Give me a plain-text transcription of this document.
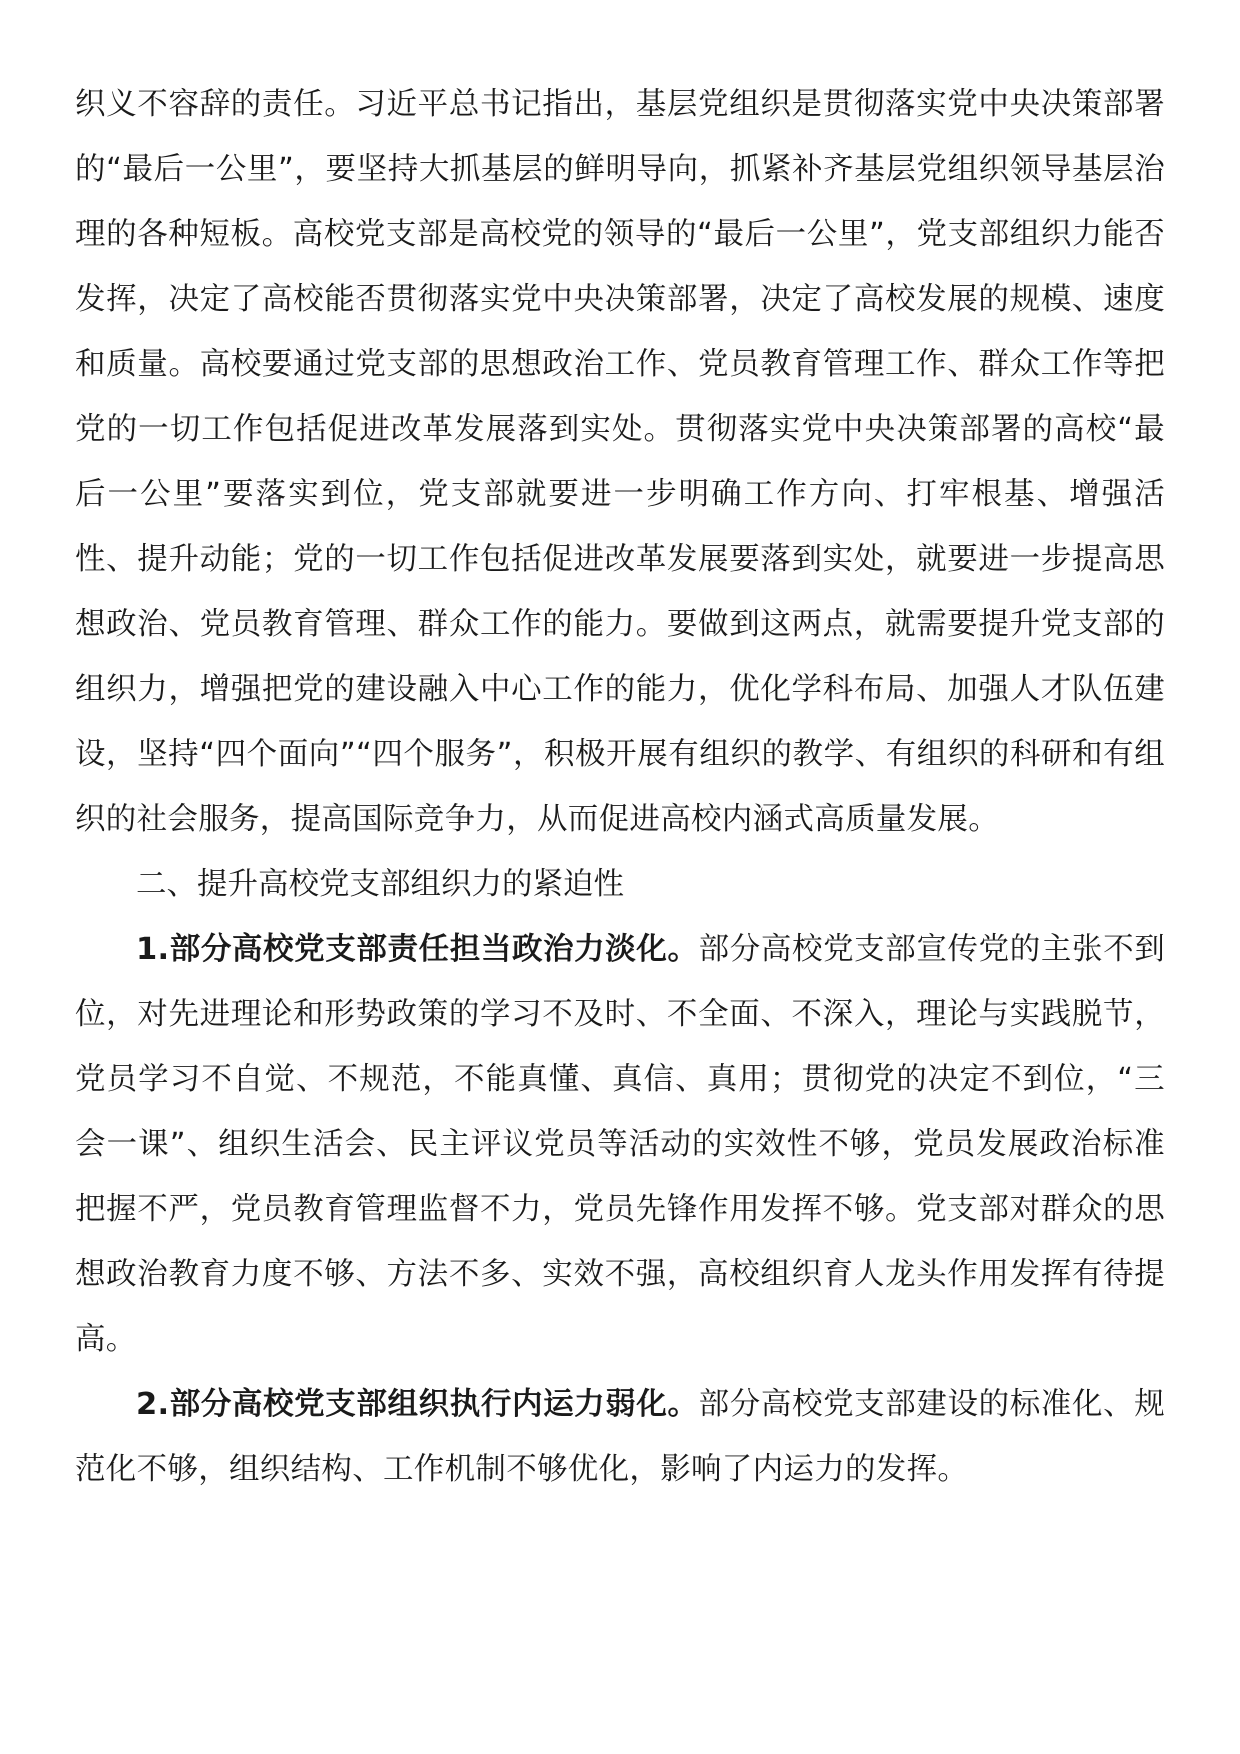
织义不容辞的责任。习近平总书记指出，基层党组织是贯彻落实党中央决策部署的“最后一公里”，要坚持大抓基层的鲜明导向，抓紧补齐基层党组织领导基层治理的各种短板。高校党支部是高校党的领导的“最后一公里”，党支部组织力能否发挥，决定了高校能否贯彻落实党中央决策部署，决定了高校发展的规模、速度和质量。高校要通过党支部的思想政治工作、党员教育管理工作、群众工作等把党的一切工作包括促进改革发展落到实处。贯彻落实党中央决策部署的高校“最后一公里”要落实到位，党支部就要进一步明确工作方向、打牢根基、增强活性、提升动能；党的一切工作包括促进改革发展要落到实处，就要进一步提高思想政治、党员教育管理、群众工作的能力。要做到这两点，就需要提升党支部的组织力，增强把党的建设融入中心工作的能力，优化学科布局、加强人才队伍建设，坚持“四个面向”“四个服务”，积极开展有组织的教学、有组织的科研和有组织的社会服务，提高国际竞争力，从而促进高校内涵式高质量发展。

二、提升高校党支部组织力的紧迫性

1.部分高校党支部责任担当政治力淡化。部分高校党支部宣传党的主张不到位，对先进理论和形势政策的学习不及时、不全面、不深入，理论与实践脱节，党员学习不自觉、不规范，不能真懂、真信、真用；贯彻党的决定不到位，“三会一课”、组织生活会、民主评议党员等活动的实效性不够，党员发展政治标准把握不严，党员教育管理监督不力，党员先锋作用发挥不够。党支部对群众的思想政治教育力度不够、方法不多、实效不强，高校组织育人龙头作用发挥有待提高。

2.部分高校党支部组织执行内运力弱化。部分高校党支部建设的标准化、规范化不够，组织结构、工作机制不够优化，影响了内运力的发挥。
